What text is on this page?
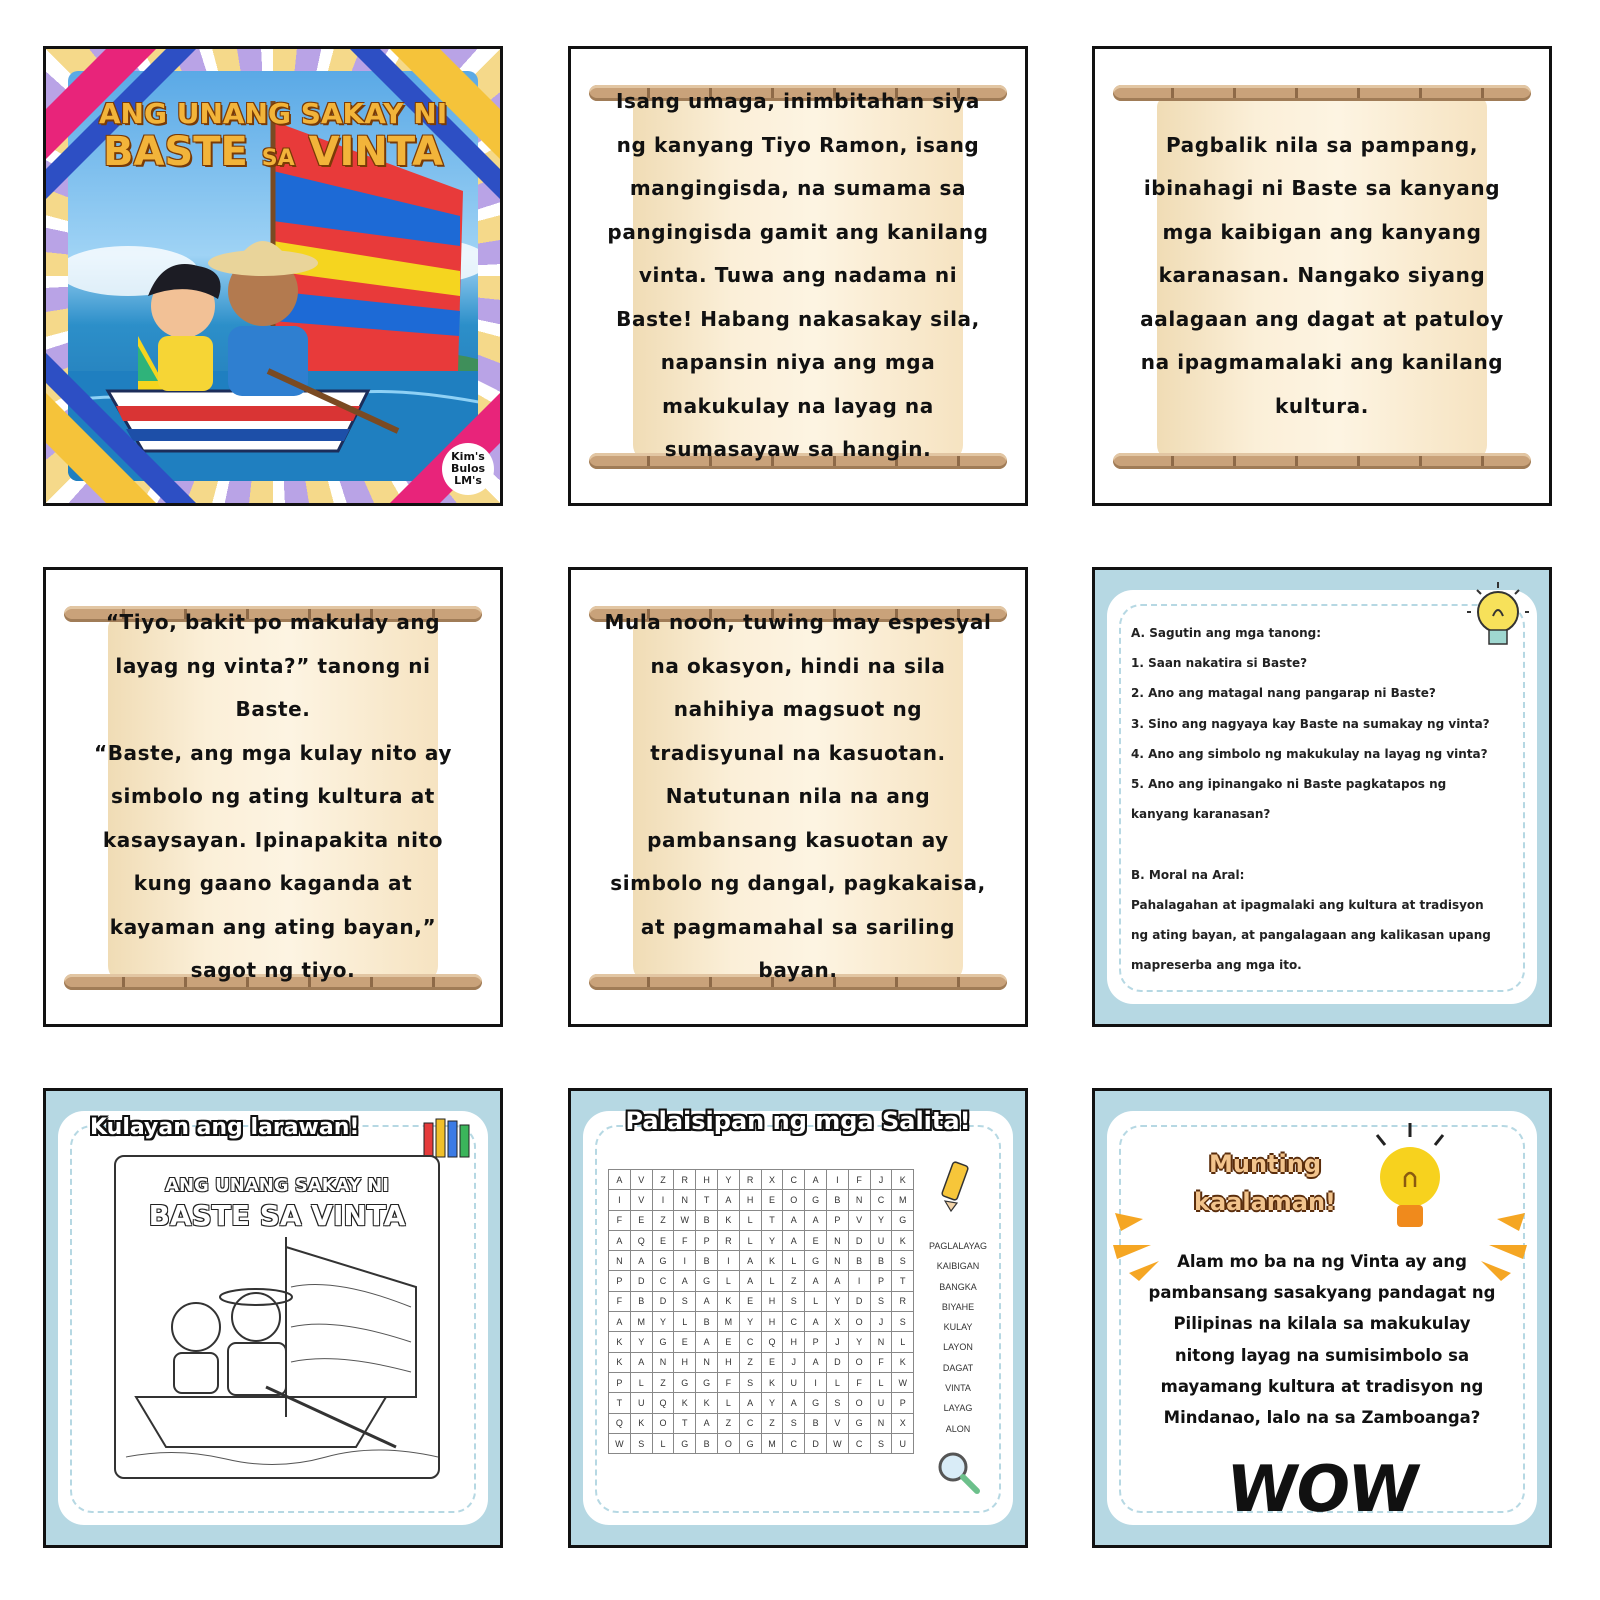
ANG UNANG SAKAY NI
BASTE SA VINTA
Kim's Bulos LM's
Isang umaga, inimbitahan siya
ng kanyang Tiyo Ramon, isang
mangingisda, na sumama sa
pangingisda gamit ang kanilang
vinta. Tuwa ang nadama ni
Baste! Habang nakasakay sila,
napansin niya ang mga
makukulay na layag na
sumasayaw sa hangin.
Pagbalik nila sa pampang,
ibinahagi ni Baste sa kanyang
mga kaibigan ang kanyang
karanasan. Nangako siyang
aalagaan ang dagat at patuloy
na ipagmamalaki ang kanilang
kultura.
“Tiyo, bakit po makulay ang
layag ng vinta?” tanong ni
Baste.
“Baste, ang mga kulay nito ay
simbolo ng ating kultura at
kasaysayan. Ipinapakita nito
kung gaano kaganda at
kayaman ang ating bayan,”
sagot ng tiyo.
Mula noon, tuwing may espesyal
na okasyon, hindi na sila
nahihiya magsuot ng
tradisyunal na kasuotan.
Natutunan nila na ang
pambansang kasuotan ay
simbolo ng dangal, pagkakaisa,
at pagmamahal sa sariling
bayan.
A. Sagutin ang mga tanong:
1. Saan nakatira si Baste?
2. Ano ang matagal nang pangarap ni Baste?
3. Sino ang nagyaya kay Baste na sumakay ng vinta?
4. Ano ang simbolo ng makukulay na layag ng vinta?
5. Ano ang ipinangako ni Baste pagkatapos ng
kanyang karanasan?

B. Moral na Aral:
Pahalagahan at ipagmalaki ang kultura at tradisyon
ng ating bayan, at pangalagaan ang kalikasan upang
mapreserba ang mga ito.
Kulayan ang larawan!
ANG UNANG SAKAY NI
BASTE SA VINTA
Palaisipan ng mga Salita!
A	V	Z	R	H	Y	R	X	C	A	I	F	J	K
I	V	I	N	T	A	H	E	O	G	B	N	C	M
F	E	Z	W	B	K	L	T	A	A	P	V	Y	G
A	Q	E	F	P	R	L	Y	A	E	N	D	U	K
N	A	G	I	B	I	A	K	L	G	N	B	B	S
P	D	C	A	G	L	A	L	Z	A	A	I	P	T
F	B	D	S	A	K	E	H	S	L	Y	D	S	R
A	M	Y	L	B	M	Y	H	C	A	X	O	J	S
K	Y	G	E	A	E	C	Q	H	P	J	Y	N	L
K	A	N	H	N	H	Z	E	J	A	D	O	F	K
P	L	Z	G	G	F	S	K	U	I	L	F	L	W
T	U	Q	K	K	L	A	Y	A	G	S	O	U	P
Q	K	O	T	A	Z	C	Z	S	B	V	G	N	X
W	S	L	G	B	O	G	M	C	D	W	C	S	U
PAGLALAYAG
KAIBIGAN
BANGKA
BIYAHE
KULAY
LAYON
DAGAT
VINTA
LAYAG
ALON
Munting
kaalaman!
Alam mo ba na ng Vinta ay ang
pambansang sasakyang pandagat ng
Pilipinas na kilala sa makukulay
nitong layag na sumisimbolo sa
mayamang kultura at tradisyon ng
Mindanao, lalo na sa Zamboanga?
WOW
